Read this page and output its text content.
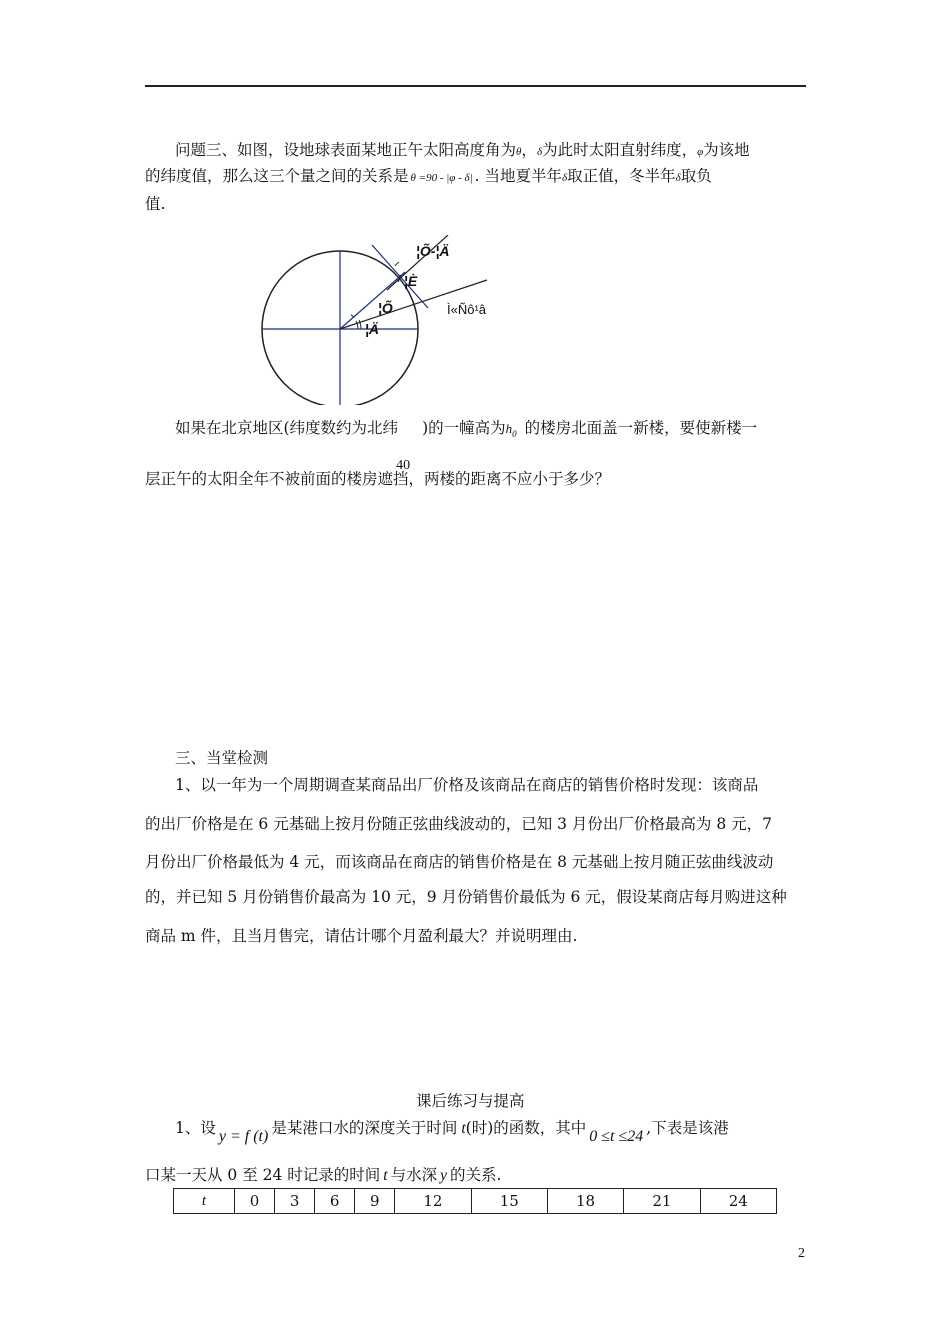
问题三、如图，设地球表面某地正午太阳高度角为θ，δ为此时太阳直射纬度，φ为该地
的纬度值，那么这三个量之间的关系是 θ =90 - |φ - δ| . 当地夏半年δ取正值，冬半年δ取负
值.
¦Õ-¦Ä
¦È
¦Õ
¦Ä
Ì«Ñô¹â
如果在北京地区(纬度数约为北纬
40
)的一幢高为$h_0$ 的楼房北面盖一新楼，要使新楼一
层正午的太阳全年不被前面的楼房遮挡，两楼的距离不应小于多少？
三、当堂检测
1、以一年为一个周期调查某商品出厂价格及该商品在商店的销售价格时发现：该商品
的出厂价格是在 6 元基础上按月份随正弦曲线波动的，已知 3 月份出厂价格最高为 8 元，7
月份出厂价格最低为 4 元，而该商品在商店的销售价格是在 8 元基础上按月随正弦曲线波动
的，并已知 5 月份销售价最高为 10 元，9 月份销售价最低为 6 元，假设某商店每月购进这种
商品 m 件，且当月售完，请估计哪个月盈利最大？并说明理由.
课后练习与提高
1、设 y = f (t) 是某港口水的深度关于时间 t(时)的函数，其中 0 ≤t ≤24 ,下表是该港
口某一天从 0 至 24 时记录的时间 t 与水深 y 的关系.
t	0	3	6	9	12	15	18	21	24
2
